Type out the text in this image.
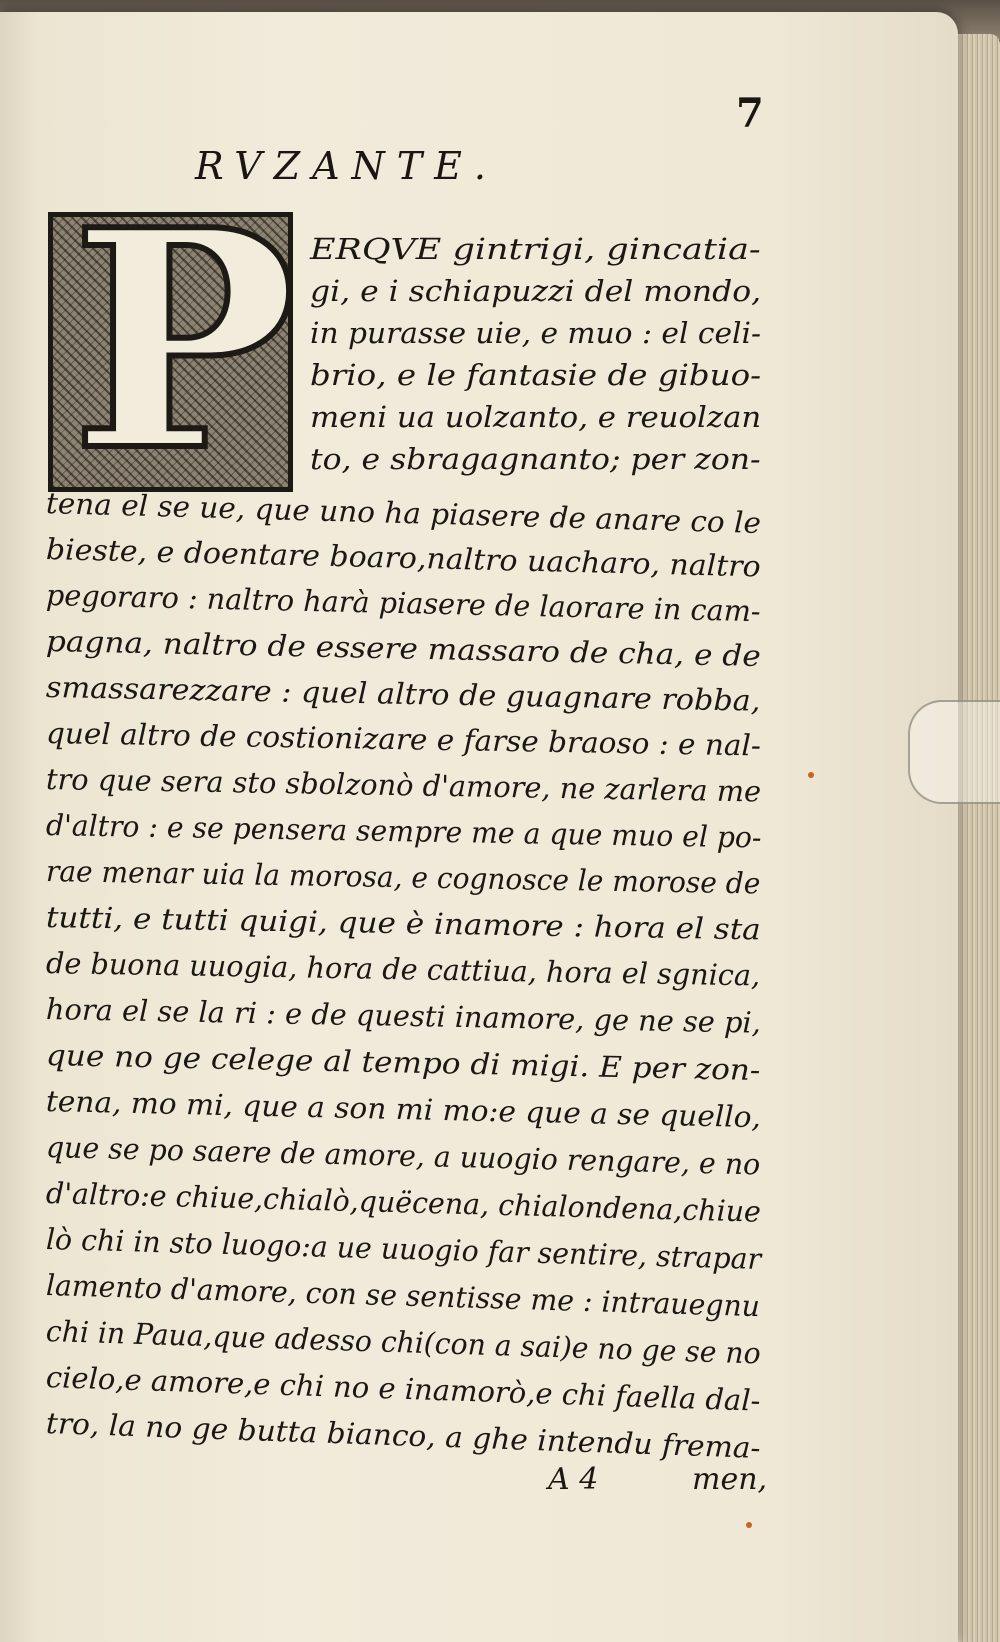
7
RVZANTE.
P ERQVE gintrigi, gincatia-
gi, e i schiapuzzi del mondo,
in purasse uie, e muo : el celi-
brio, e le fantasie de gibuo-
meni ua uolzanto, e reuolzan
to, e sbragagnanto; per zon-
tena el se ue, que uno ha piasere de anare co le
bieste, e doentare boaro,naltro uacharo, naltro
pegoraro : naltro harà piasere de laorare in cam-
pagna, naltro de essere massaro de cha, e de
smassarezzare : quel altro de guagnare robba,
quel altro de costionizare e farse braoso : e nal-
tro que sera sto sbolzonò d'amore, ne zarlera me
d'altro : e se pensera sempre me a que muo el po-
rae menar uia la morosa, e cognosce le morose de
tutti, e tutti quigi, que è inamore : hora el sta
de buona uuogia, hora de cattiua, hora el sgnica,
hora el se la ri : e de questi inamore, ge ne se pi,
que no ge celege al tempo di migi. E per zon-
tena, mo mi, que a son mi mo:e que a se quello,
que se po saere de amore, a uuogio rengare, e no
d'altro:e chiue,chialò,quëcena, chialondena,chiue
lò chi in sto luogo:a ue uuogio far sentire, strapar
lamento d'amore, con se sentisse me : intrauegnu
chi in Paua,que adesso chi(con a sai)e no ge se no
cielo,e amore,e chi no e inamorò,e chi faella dal-
tro, la no ge butta bianco, a ghe intendu frema-
A 4	men,
